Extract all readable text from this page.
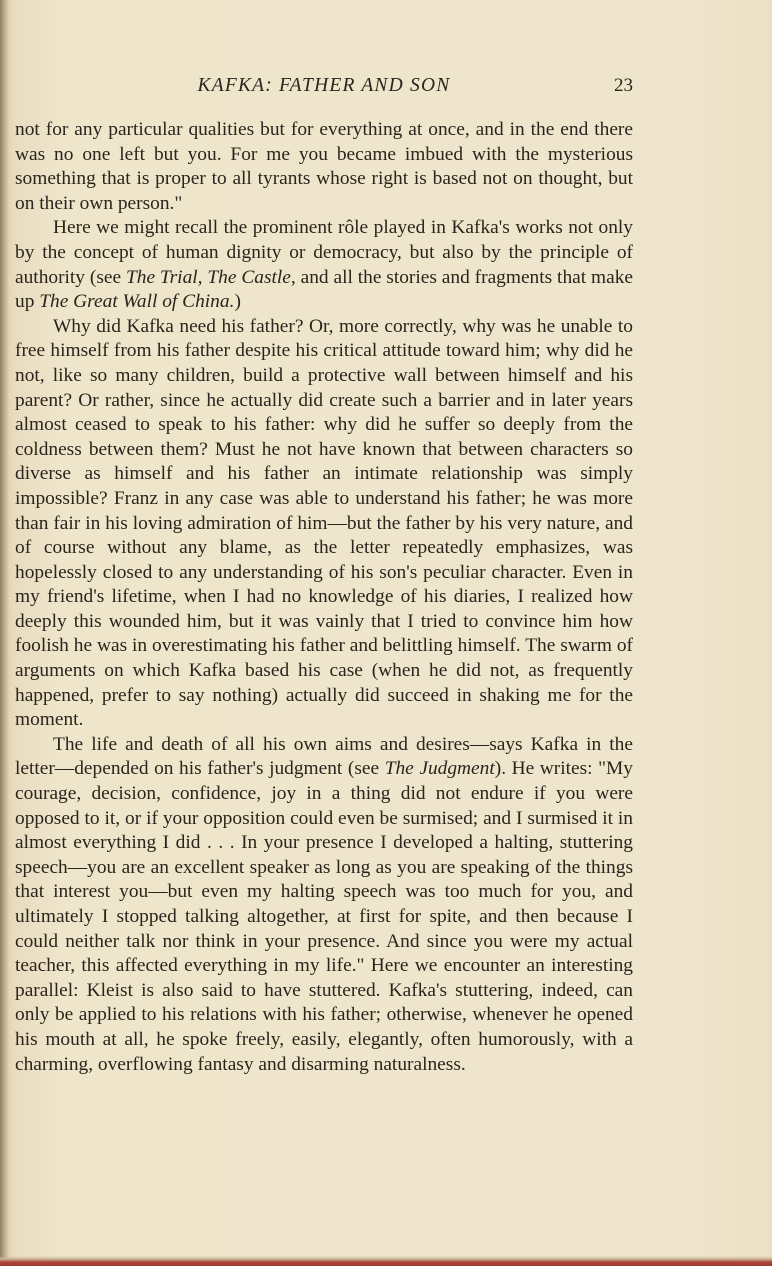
KAFKA: FATHER AND SON	23

not for any particular qualities but for everything at once, and in the end there was no one left but you. For me you became imbued with the mysterious something that is proper to all tyrants whose right is based not on thought, but on their own person."

Here we might recall the prominent rôle played in Kafka's works not only by the concept of human dignity or democracy, but also by the principle of authority (see The Trial, The Castle, and all the stories and fragments that make up The Great Wall of China.)

Why did Kafka need his father? Or, more correctly, why was he unable to free himself from his father despite his critical attitude toward him; why did he not, like so many children, build a protective wall between himself and his parent? Or rather, since he actually did create such a barrier and in later years almost ceased to speak to his father: why did he suffer so deeply from the coldness between them? Must he not have known that between characters so diverse as himself and his father an intimate relationship was simply impossible? Franz in any case was able to understand his father; he was more than fair in his loving admiration of him—but the father by his very nature, and of course without any blame, as the letter repeatedly emphasizes, was hopelessly closed to any understanding of his son's peculiar character. Even in my friend's lifetime, when I had no knowledge of his diaries, I realized how deeply this wounded him, but it was vainly that I tried to convince him how foolish he was in overestimating his father and belittling himself. The swarm of arguments on which Kafka based his case (when he did not, as frequently happened, prefer to say nothing) actually did succeed in shaking me for the moment.

The life and death of all his own aims and desires—says Kafka in the letter—depended on his father's judgment (see The Judgment). He writes: "My courage, decision, confidence, joy in a thing did not endure if you were opposed to it, or if your opposition could even be surmised; and I surmised it in almost everything I did . . . In your presence I developed a halting, stuttering speech—you are an excellent speaker as long as you are speaking of the things that interest you—but even my halting speech was too much for you, and ultimately I stopped talking altogether, at first for spite, and then because I could neither talk nor think in your presence. And since you were my actual teacher, this affected everything in my life." Here we encounter an interesting parallel: Kleist is also said to have stuttered. Kafka's stuttering, indeed, can only be applied to his relations with his father; otherwise, whenever he opened his mouth at all, he spoke freely, easily, elegantly, often humorously, with a charming, overflowing fantasy and disarming naturalness.
